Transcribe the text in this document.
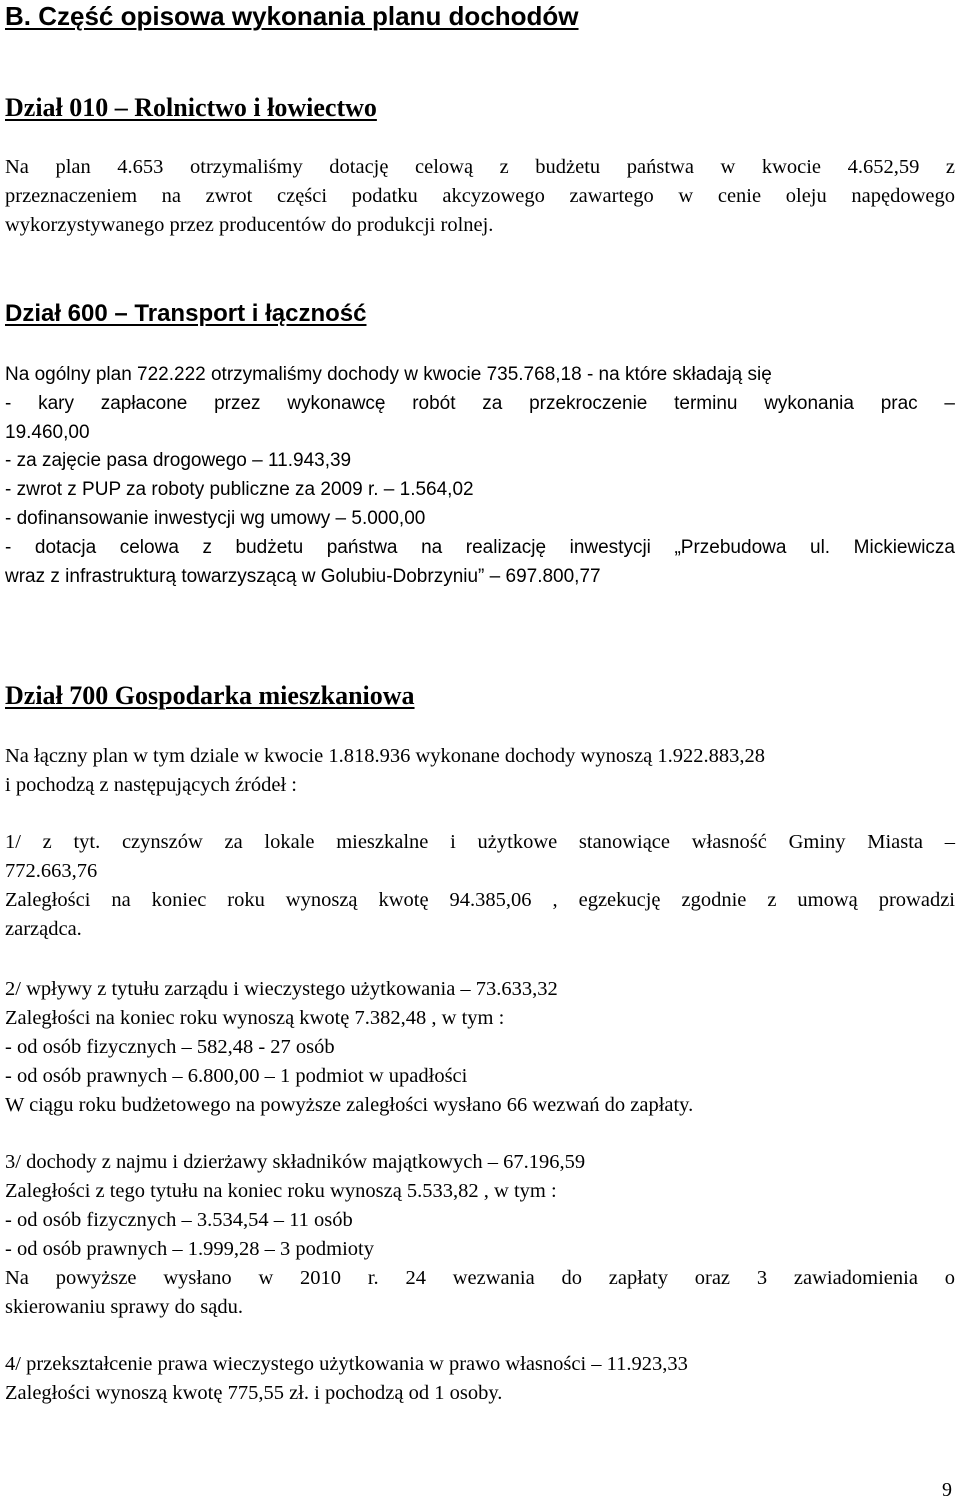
B. Część opisowa wykonania planu dochodów
Dział 010 – Rolnictwo i łowiectwo
Na plan 4.653 otrzymaliśmy dotację celową z budżetu państwa w kwocie 4.652,59 z
przeznaczeniem na zwrot części podatku akcyzowego zawartego w cenie oleju napędowego
wykorzystywanego przez producentów do produkcji rolnej.
Dział 600 – Transport i łączność
Na ogólny plan 722.222 otrzymaliśmy dochody w kwocie 735.768,18 - na które składają się
- kary zapłacone przez wykonawcę robót za przekroczenie terminu wykonania prac –
19.460,00
- za zajęcie pasa drogowego – 11.943,39
- zwrot z PUP za roboty publiczne za 2009 r. – 1.564,02
- dofinansowanie inwestycji wg umowy – 5.000,00
- dotacja celowa z budżetu państwa na realizację inwestycji „Przebudowa ul. Mickiewicza
wraz z infrastrukturą towarzyszącą w Golubiu-Dobrzyniu” – 697.800,77
Dział 700 Gospodarka mieszkaniowa
Na łączny plan w tym dziale w kwocie 1.818.936 wykonane dochody wynoszą 1.922.883,28
i pochodzą z następujących źródeł :
1/ z tyt. czynszów za lokale mieszkalne i użytkowe stanowiące własność Gminy Miasta –
772.663,76
Zaległości na koniec roku wynoszą kwotę 94.385,06 , egzekucję zgodnie z umową prowadzi
zarządca.
2/ wpływy z tytułu zarządu i wieczystego użytkowania – 73.633,32
Zaległości na koniec roku wynoszą kwotę 7.382,48 , w tym :
- od osób fizycznych – 582,48 - 27 osób
- od osób prawnych – 6.800,00 – 1 podmiot w upadłości
W ciągu roku budżetowego na powyższe zaległości wysłano 66 wezwań do zapłaty.
3/ dochody z najmu i dzierżawy składników majątkowych – 67.196,59
Zaległości z tego tytułu na koniec roku wynoszą 5.533,82 , w tym :
- od osób fizycznych – 3.534,54 – 11 osób
- od osób prawnych – 1.999,28 – 3 podmioty
Na powyższe wysłano w 2010 r. 24 wezwania do zapłaty oraz 3 zawiadomienia o
skierowaniu sprawy do sądu.
4/ przekształcenie prawa wieczystego użytkowania w prawo własności – 11.923,33
Zaległości wynoszą kwotę 775,55 zł. i pochodzą od 1 osoby.
9
